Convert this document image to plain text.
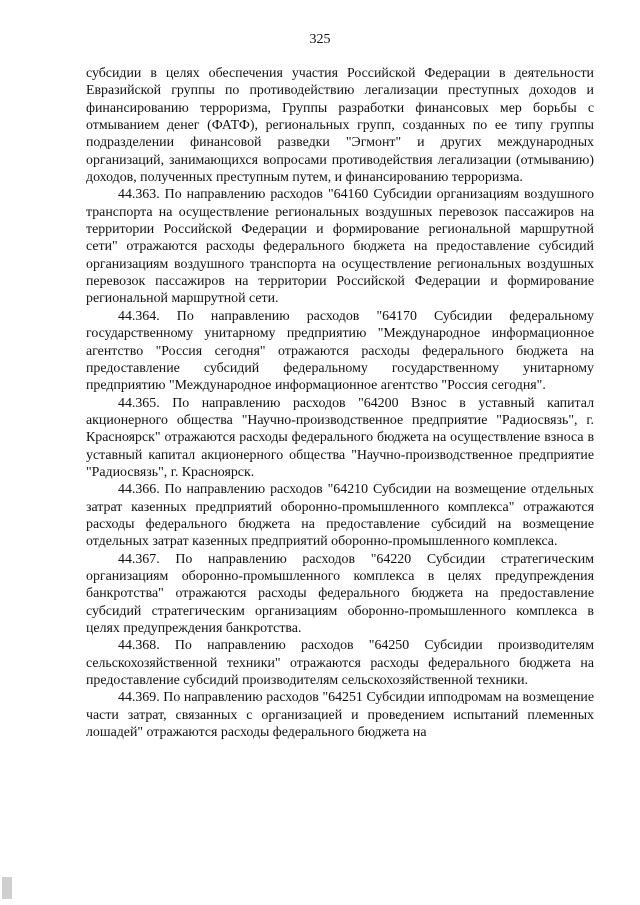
325

субсидии в целях обеспечения участия Российской Федерации в деятельности Евразийской группы по противодействию легализации преступных доходов и финансированию терроризма, Группы разработки финансовых мер борьбы с отмыванием денег (ФАТФ), региональных групп, созданных по ее типу группы подразделении финансовой разведки "Эгмонт" и других международных организаций, занимающихся вопросами противодействия легализации (отмыванию) доходов, полученных преступным путем, и финансированию терроризма.

44.363. По направлению расходов "64160 Субсидии организациям воздушного транспорта на осуществление региональных воздушных перевозок пассажиров на территории Российской Федерации и формирование региональной маршрутной сети" отражаются расходы федерального бюджета на предоставление субсидий организациям воздушного транспорта на осуществление региональных воздушных перевозок пассажиров на территории Российской Федерации и формирование региональной маршрутной сети.

44.364. По направлению расходов "64170 Субсидии федеральному государственному унитарному предприятию "Международное информационное агентство "Россия сегодня" отражаются расходы федерального бюджета на предоставление субсидий федеральному государственному унитарному предприятию "Международное информационное агентство "Россия сегодня".

44.365. По направлению расходов "64200 Взнос в уставный капитал акционерного общества "Научно-производственное предприятие "Радиосвязь", г. Красноярск" отражаются расходы федерального бюджета на осуществление взноса в уставный капитал акционерного общества "Научно-производственное предприятие "Радиосвязь", г. Красноярск.

44.366. По направлению расходов "64210 Субсидии на возмещение отдельных затрат казенных предприятий оборонно-промышленного комплекса" отражаются расходы федерального бюджета на предоставление субсидий на возмещение отдельных затрат казенных предприятий оборонно-промышленного комплекса.

44.367. По направлению расходов "64220 Субсидии стратегическим организациям оборонно-промышленного комплекса в целях предупреждения банкротства" отражаются расходы федерального бюджета на предоставление субсидий стратегическим организациям оборонно-промышленного комплекса в целях предупреждения банкротства.

44.368. По направлению расходов "64250 Субсидии производителям сельскохозяйственной техники" отражаются расходы федерального бюджета на предоставление субсидий производителям сельскохозяйственной техники.

44.369. По направлению расходов "64251 Субсидии ипподромам на возмещение части затрат, связанных с организацией и проведением испытаний племенных лошадей" отражаются расходы федерального бюджета на
